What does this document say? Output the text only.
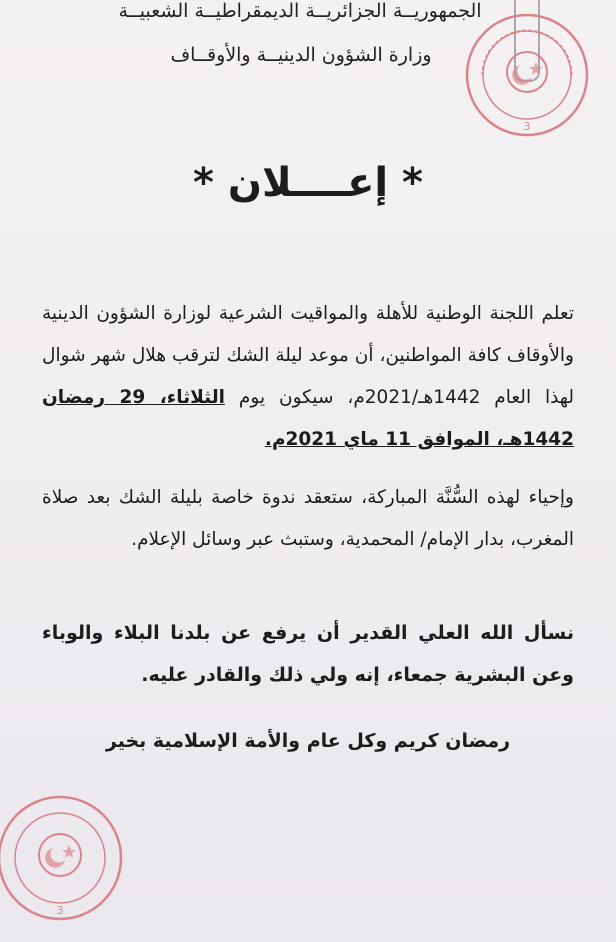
الجمهوريــة الجزائريــة الديمقراطيــة الشعبيــة
وزارة الشؤون الدينيــة والأوقــاف
3
* إعــــلان *
تعلم اللجنة الوطنية للأهلة والمواقيت الشرعية لوزارة الشؤون الدينية والأوقاف كافة المواطنين، أن موعد ليلة الشك لترقب هلال شهر شوال لهذا العام 1442هـ/2021م، سيكون يوم الثلاثاء، 29 رمضان 1442هـ، الموافق 11 ماي 2021م.
وإحياء لهذه السُّنَّة المباركة، ستعقد ندوة خاصة بليلة الشك بعد صلاة المغرب، بدار الإمام/ المحمدية، وستبث عبر وسائل الإعلام.
نسأل الله العلي القدير أن يرفع عن بلدنا البلاء والوباء وعن البشرية جمعاء، إنه ولي ذلك والقادر عليه.
رمضان كريم وكل عام والأمة الإسلامية بخير
3
